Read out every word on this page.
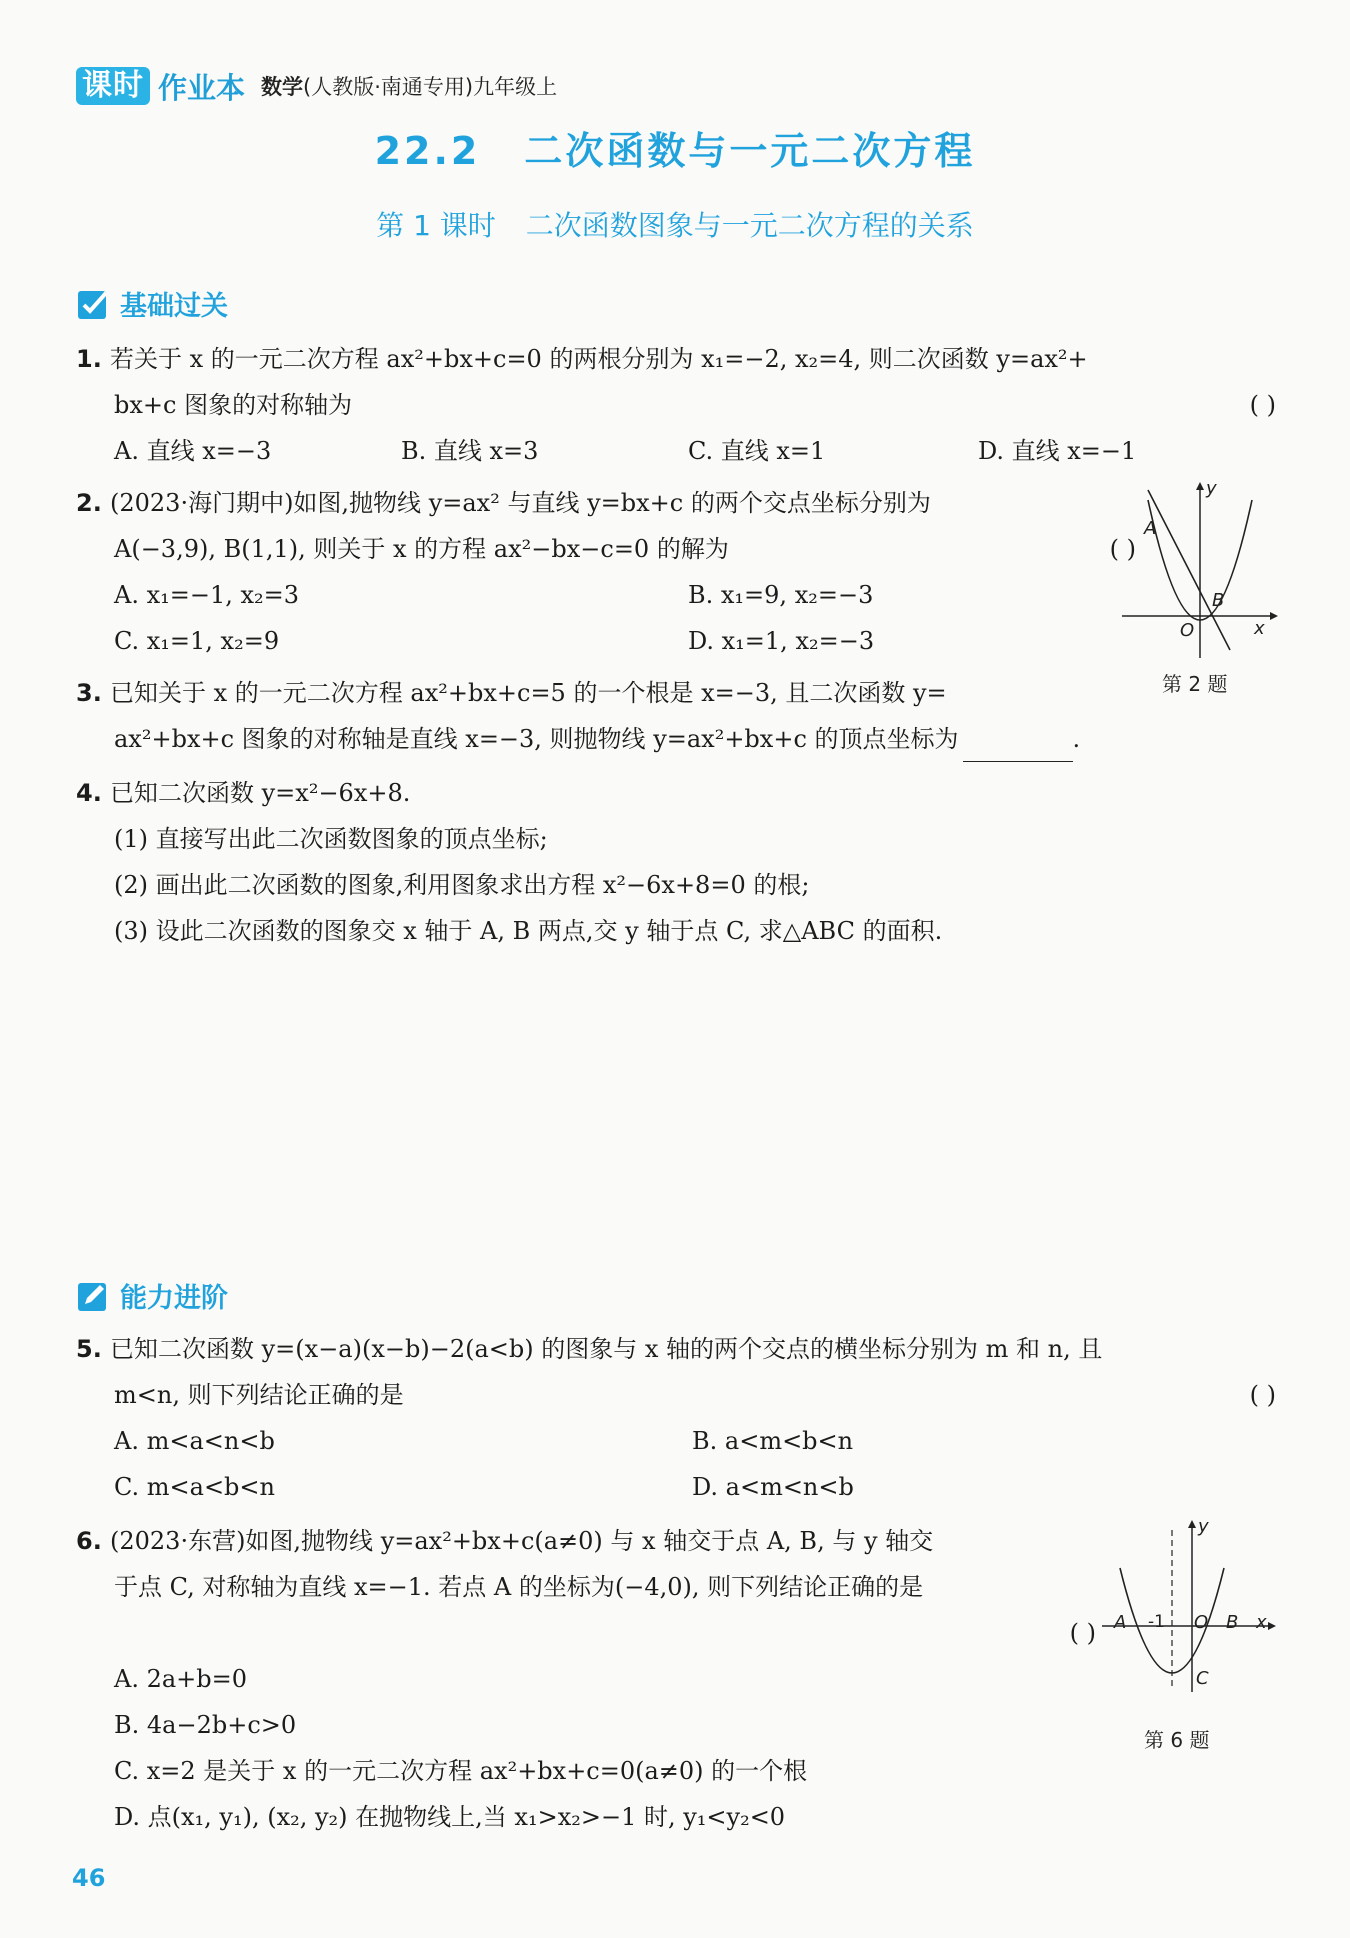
课时 作业本 数学(人教版·南通专用)九年级上
22.2 二次函数与一元二次方程
第 1 课时 二次函数图象与一元二次方程的关系
基础过关
1. 若关于 x 的一元二次方程 ax²+bx+c=0 的两根分别为 x₁=−2, x₂=4, 则二次函数 y=ax²+
bx+c 图象的对称轴为	( )
A. 直线 x=−3	B. 直线 x=3	C. 直线 x=1	D. 直线 x=−1
2. (2023·海门期中)如图,抛物线 y=ax² 与直线 y=bx+c 的两个交点坐标分别为
A(−3,9), B(1,1), 则关于 x 的方程 ax²−bx−c=0 的解为	( )
A. x₁=−1, x₂=3	B. x₁=9, x₂=−3
C. x₁=1, x₂=9	D. x₁=1, x₂=−3
y
x
A
B
O
第 2 题
3. 已知关于 x 的一元二次方程 ax²+bx+c=5 的一个根是 x=−3, 且二次函数 y=
ax²+bx+c 图象的对称轴是直线 x=−3, 则抛物线 y=ax²+bx+c 的顶点坐标为	.
4. 已知二次函数 y=x²−6x+8.
(1) 直接写出此二次函数图象的顶点坐标;
(2) 画出此二次函数的图象,利用图象求出方程 x²−6x+8=0 的根;
(3) 设此二次函数的图象交 x 轴于 A, B 两点,交 y 轴于点 C, 求△ABC 的面积.
能力进阶
5. 已知二次函数 y=(x−a)(x−b)−2(a<b) 的图象与 x 轴的两个交点的横坐标分别为 m 和 n, 且
m<n, 则下列结论正确的是	( )
A. m<a<n<b	B. a<m<b<n
C. m<a<b<n	D. a<m<n<b
6. (2023·东营)如图,抛物线 y=ax²+bx+c(a≠0) 与 x 轴交于点 A, B, 与 y 轴交
于点 C, 对称轴为直线 x=−1. 若点 A 的坐标为(−4,0), 则下列结论正确的是
( )
A. 2a+b=0
B. 4a−2b+c>0
C. x=2 是关于 x 的一元二次方程 ax²+bx+c=0(a≠0) 的一个根
D. 点(x₁, y₁), (x₂, y₂) 在抛物线上,当 x₁>x₂>−1 时, y₁<y₂<0
y
x
A -1 O B
C
第 6 题
46
